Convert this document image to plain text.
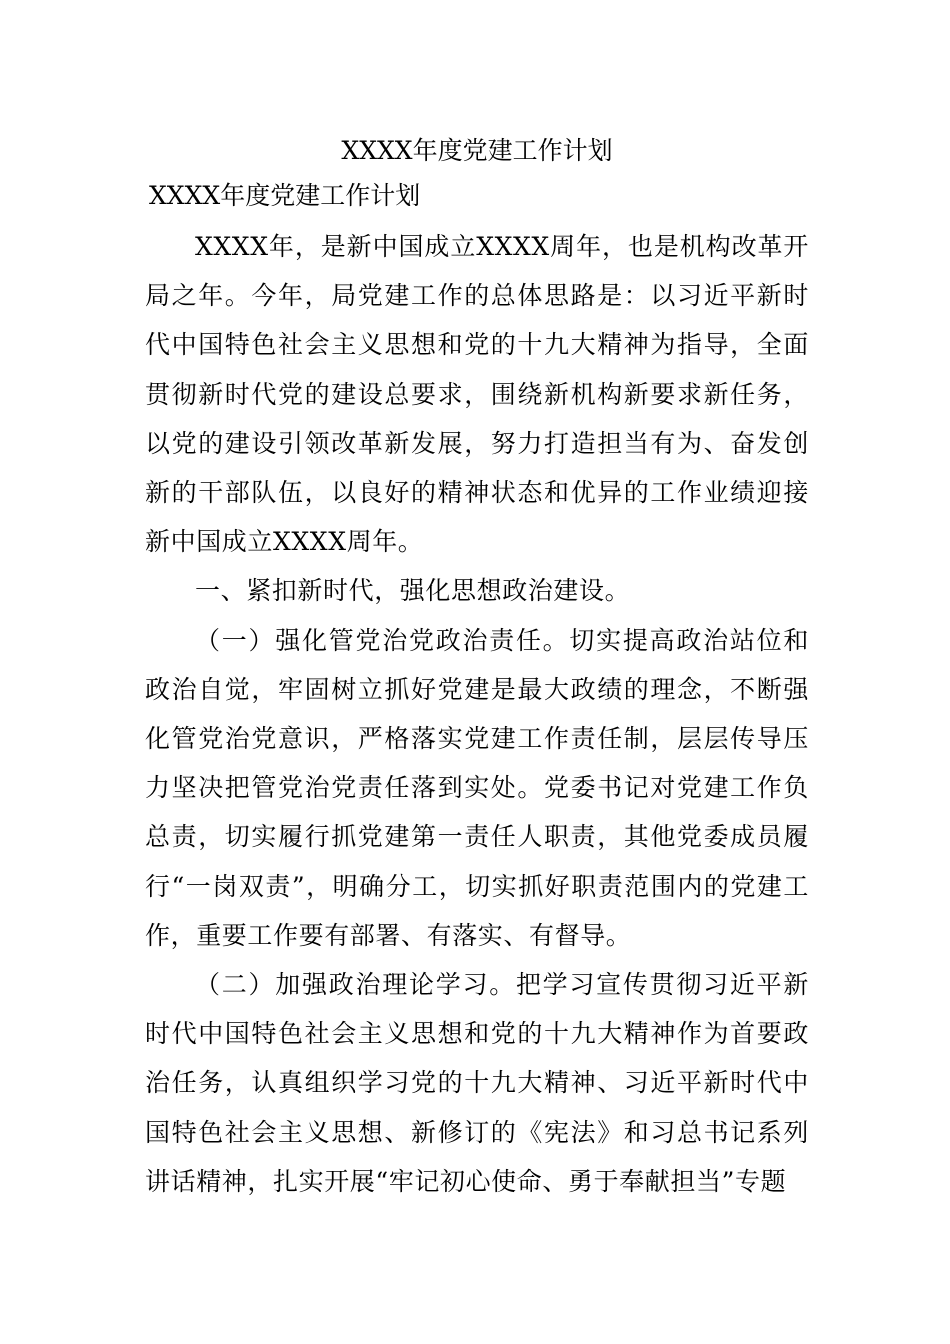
XXXX年度党建工作计划
XXXX年度党建工作计划

XXXX年，是新中国成立XXXX周年，也是机构改革开局之年。今年，局党建工作的总体思路是：以习近平新时代中国特色社会主义思想和党的十九大精神为指导，全面贯彻新时代党的建设总要求，围绕新机构新要求新任务，以党的建设引领改革新发展，努力打造担当有为、奋发创新的干部队伍，以良好的精神状态和优异的工作业绩迎接新中国成立XXXX周年。

一、紧扣新时代，强化思想政治建设。

（一）强化管党治党政治责任。切实提高政治站位和政治自觉，牢固树立抓好党建是最大政绩的理念，不断强化管党治党意识，严格落实党建工作责任制，层层传导压力坚决把管党治党责任落到实处。党委书记对党建工作负总责，切实履行抓党建第一责任人职责，其他党委成员履行“一岗双责”，明确分工，切实抓好职责范围内的党建工作，重要工作要有部署、有落实、有督导。

（二）加强政治理论学习。把学习宣传贯彻习近平新时代中国特色社会主义思想和党的十九大精神作为首要政治任务，认真组织学习党的十九大精神、习近平新时代中国特色社会主义思想、新修订的《宪法》和习总书记系列讲话精神，扎实开展“牢记初心使命、勇于奉献担当”专题
